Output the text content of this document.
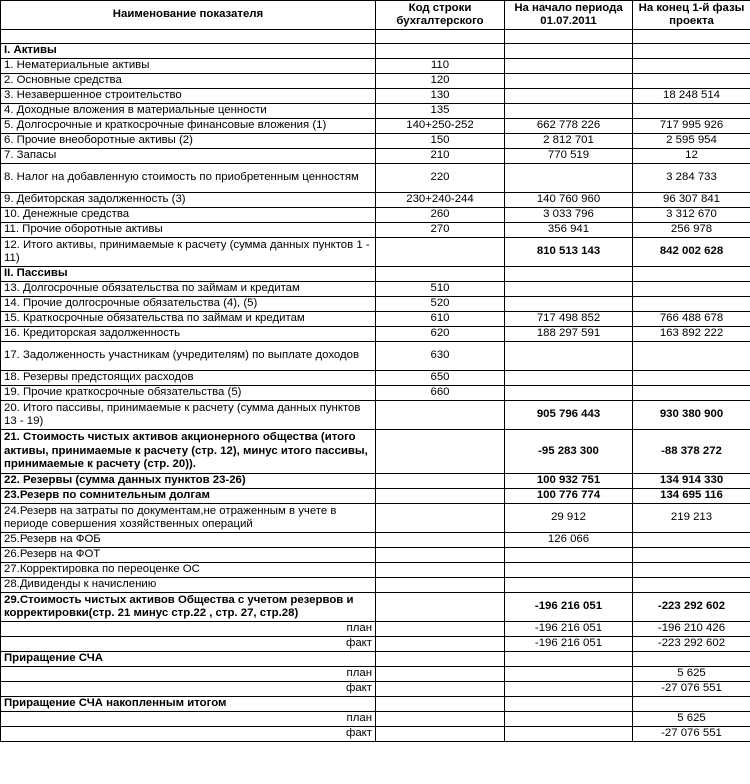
Наименование показателя	Код строки бухгалтерского	На начало периода 01.07.2011	На конец 1-й фазы проекта

I. Активы			
1. Нематериальные активы	110		
2. Основные средства	120		
3. Незавершенное строительство	130		18 248 514
4. Доходные вложения в материальные ценности	135		
5. Долгосрочные и краткосрочные финансовые вложения (1)	140+250-252	662 778 226	717 995 926
6. Прочие внеоборотные активы (2)	150	2 812 701	2 595 954
7. Запасы	210	770 519	12
8. Налог на добавленную стоимость по приобретенным ценностям	220		3 284 733
9. Дебиторская задолженность (3)	230+240-244	140 760 960	96 307 841
10. Денежные средства	260	3 033 796	3 312 670
11. Прочие оборотные активы	270	356 941	256 978
12. Итого активы, принимаемые к расчету (сумма данных пунктов 1 - 11)		810 513 143	842 002 628
II. Пассивы			
13. Долгосрочные обязательства по займам и кредитам	510		
14. Прочие долгосрочные обязательства (4), (5)	520		
15. Краткосрочные обязательства по займам и кредитам	610	717 498 852	766 488 678
16. Кредиторская задолженность	620	188 297 591	163 892 222
17. Задолженность участникам (учредителям) по выплате доходов	630		
18. Резервы предстоящих расходов	650		
19. Прочие краткосрочные обязательства (5)	660		
20. Итого пассивы, принимаемые к расчету (сумма данных пунктов 13 - 19)		905 796 443	930 380 900
21. Стоимость чистых активов акционерного общества (итого активы, принимаемые к расчету (стр. 12), минус итого пассивы, принимаемые к расчету (стр. 20)).		-95 283 300	-88 378 272
22. Резервы (сумма данных пунктов 23-26)		100 932 751	134 914 330
23.Резерв по сомнительным долгам		100 776 774	134 695 116
24.Резерв на затраты по документам,не отраженным в учете в периоде совершения хозяйственных операций		29 912	219 213
25.Резерв на ФОБ		126 066	
26.Резерв на ФОТ			
27.Корректировка по переоценке ОС			
28.Дивиденды к начислению			
29.Стоимость чистых активов Общества с учетом резервов и корректировки(стр. 21 минус стр.22 , стр. 27, стр.28)		-196 216 051	-223 292 602
план		-196 216 051	-196 210 426
факт		-196 216 051	-223 292 602
Приращение СЧА			
план			5 625
факт			-27 076 551
Приращение СЧА накопленным итогом			
план			5 625
факт			-27 076 551
